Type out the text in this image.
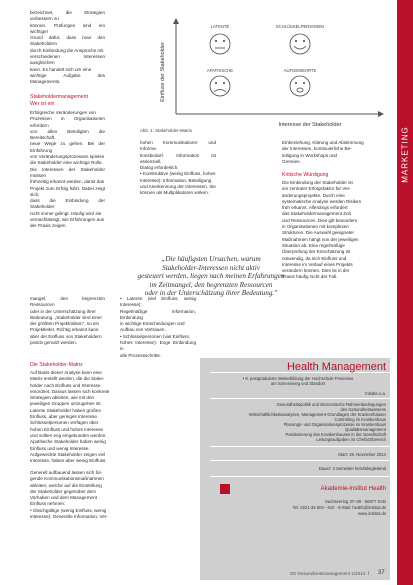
MARKETING
bezeichnet, die Strategien verbessern zu
können. Prüfungen sind ein wichtiger
Grund dafür, dass man den Stakeholdern
durch Einbindung die Ansprüche mit
verschiedenen Interessen ausgleichen
kann. Es handelt sich um eine
wichtige Aufgabe des Managements.
LATENTE	SCHLÜSSELPERSONEN
APATHISCHE	AUFGEWEHRTE
Einfluss der Stakeholder
Interesse der Stakeholder
Abb. 1: Stakeholder-Matrix
Stakeholdermanagement
Wer ist ein
Erfolgreiche Veränderungen von
Prozessen in Organisationen erfordern
von allen Beteiligten die Bereitschaft,
neue Wege zu gehen. Bei der Einführung
von Veränderungsprozessen spielen
die Stakeholder eine wichtige Rolle.
Die Interessen der Stakeholder müssen
frühzeitig erkannt werden, damit das
Projekt zum Erfolg führt. Dabei zeigt sich,
dass die Einbindung der Stakeholder
nicht immer gelingt. Häufig wird sie
vernachlässigt, wie Erfahrungen aus
der Praxis zeigen.
hohen Kommunikations- und Informa-
tionsbedarf. Information ist essenziell,
Dialog erforderlich.
• Konstruktive (wenig Einfluss, hohes
Interesse): Information, Beteiligung
und Anerkennung der Interessen. Sie
können als Multiplikatoren wirken.
Einbeziehung, Klärung und Abstimmung
der Interessen, kontinuierliche Be-
teiligung in Workshops und
Gremien.
Kritische Würdigung
Die Einbindung der Stakeholder ist
ein zentraler Erfolgsfaktor für Ver-
änderungsprojekte. Durch eine
systematische Analyse werden Risiken
früh erkannt. Allerdings erfordert
das Stakeholdermanagement Zeit
und Ressourcen. Dies gilt besonders
in Organisationen mit komplexen
Strukturen. Die Auswahl geeigneter
Maßnahmen hängt von der jeweiligen
Situation ab. Eine regelmäßige
Überprüfung der Einschätzung ist
notwendig, da sich Einfluss und
Interesse im Verlauf eines Projekts
verändern können. Dies ist in der
Praxis häufig nicht der Fall.
„Die häufigsten Ursachen, warum
Stakeholder-Interessen nicht aktiv
gesteuert werden, liegen nach meinen Erfahrungen
im Zeitmangel, den begrenzten Ressourcen
oder in der Unterschätzung ihrer Bedeutung."
mangel, den begrenzten Ressourcen
oder in der Unterschätzung ihrer
Bedeutung. „Stakeholder sind einer
der größten Projektrisiken", so ein
Projektleiter. Richtig erkannt kann
aber der Einfluss von Stakeholdern
positiv genutzt werden.
• Latente (viel Einfluss, wenig Interesse):
Regelmäßige Information, Einbindung
in wichtige Entscheidungen und
Aufbau von Vertrauen.
• Schlüsselpersonen (viel Einfluss,
hohes Interesse): Enge Einbindung in
alle Prozessschritte.
Die Stakeholder-Matrix
Auf Basis dieser Analyse kann eine
Matrix erstellt werden, die die Stake-
holder nach Einfluss und Interesse
einordnet. Daraus lassen sich konkrete
Strategien ableiten, wie mit den
jeweiligen Gruppen umzugehen ist.
Latente Stakeholder haben großen
Einfluss, aber geringes Interesse.
Schlüsselpersonen verfügen über
hohen Einfluss und hohes Interesse
und sollten eng eingebunden werden.
Apathische Stakeholder haben wenig
Einfluss und wenig Interesse.
Aufgeweckte Stakeholder zeigen viel
Interesse, haben aber wenig Einfluss.
Generell aufbauend lassen sich fol-
gende Kommunikationsmaßnahmen
ableiten, welche auf die Einstellung
der Stakeholder gegenüber dem
Vorhaben und dem Management
Einfluss nehmen:
• Gleichgültige (wenig Einfluss, wenig
interesse): Generelle Information, Ver-
Health Management
• 8. postgraduierte Weiterbildung der Hochschule Fresenius
am Sonnenweg und Standort
Inhalte u.a.
Gesundheitspolitik und ökonomische Rahmenbedingungen
des Gesundheitswesens
Wirtschaftlichkeitsanalysen, Management-Grundlagen der Krankenhäuser
Controlling im Krankenhaus
Planungs- und Organisationsprozesse im Krankenhaus
Qualitätsmanagement
Positionierung des Krankenhauses in der Gesellschaft
Leitungsaufgaben im Chefarztbereich
Start: 29. November 2014
Dauer: 3 Semester berufsbegleitend
Akademie-Institut Health
Sachsenring 37–39 · 50677 Köln
Tel. 0221-33 604 - 610 · E-Mail: health@institut.de
www.institut.de
0G Gesundheitsmanagement 1/2014 I 37
